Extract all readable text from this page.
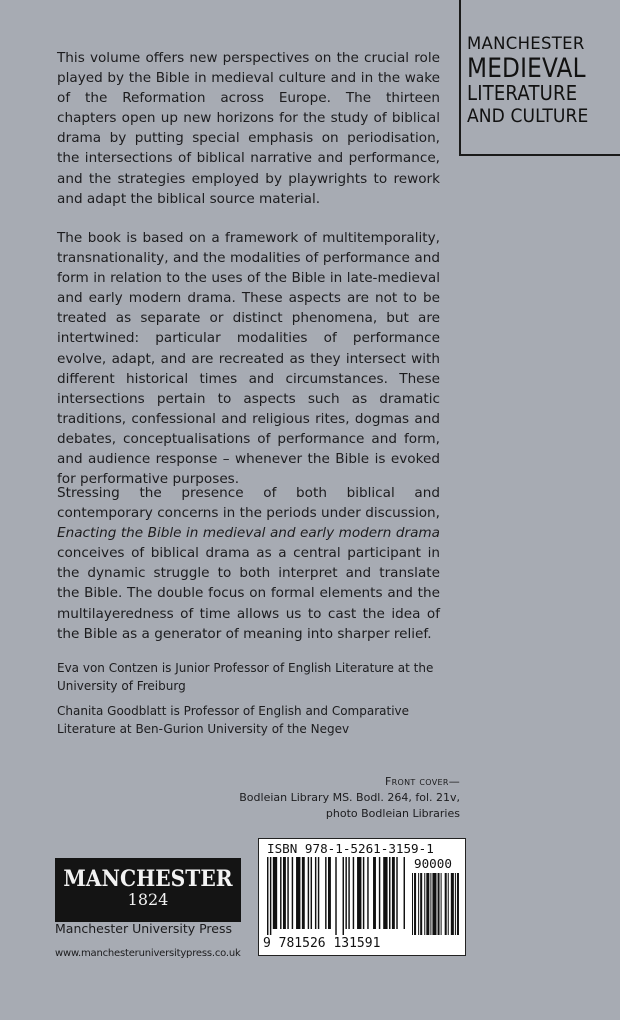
MANCHESTER
MEDIEVAL
LITERATURE
AND CULTURE

This volume offers new perspectives on the crucial role played by the Bible in medieval culture and in the wake of the Reformation across Europe. The thirteen chapters open up new horizons for the study of biblical drama by putting special emphasis on periodisation, the intersections of biblical narrative and performance, and the strategies employed by playwrights to rework and adapt the biblical source material.

The book is based on a framework of multitemporality, transnationality, and the modalities of performance and form in relation to the uses of the Bible in late-medieval and early modern drama. These aspects are not to be treated as separate or distinct phenomena, but are intertwined: particular modalities of performance evolve, adapt, and are recreated as they intersect with different historical times and circumstances. These intersections pertain to aspects such as dramatic traditions, confessional and religious rites, dogmas and debates, conceptualisations of performance and form, and audience response – whenever the Bible is evoked for performative purposes.

Stressing the presence of both biblical and contemporary concerns in the periods under discussion, Enacting the Bible in medieval and early modern drama conceives of biblical drama as a central participant in the dynamic struggle to both interpret and translate the Bible. The double focus on formal elements and the multilayeredness of time allows us to cast the idea of the Bible as a generator of meaning into sharper relief.

Eva von Contzen is Junior Professor of English Literature at the University of Freiburg

Chanita Goodblatt is Professor of English and Comparative Literature at Ben-Gurion University of the Negev

Front cover—
Bodleian Library MS. Bodl. 264, fol. 21v,
photo Bodleian Libraries
MANCHESTER
1824
Manchester University Press
www.manchesteruniversitypress.co.uk
ISBN 978-1-5261-3159-1
90000
9 781526 131591
